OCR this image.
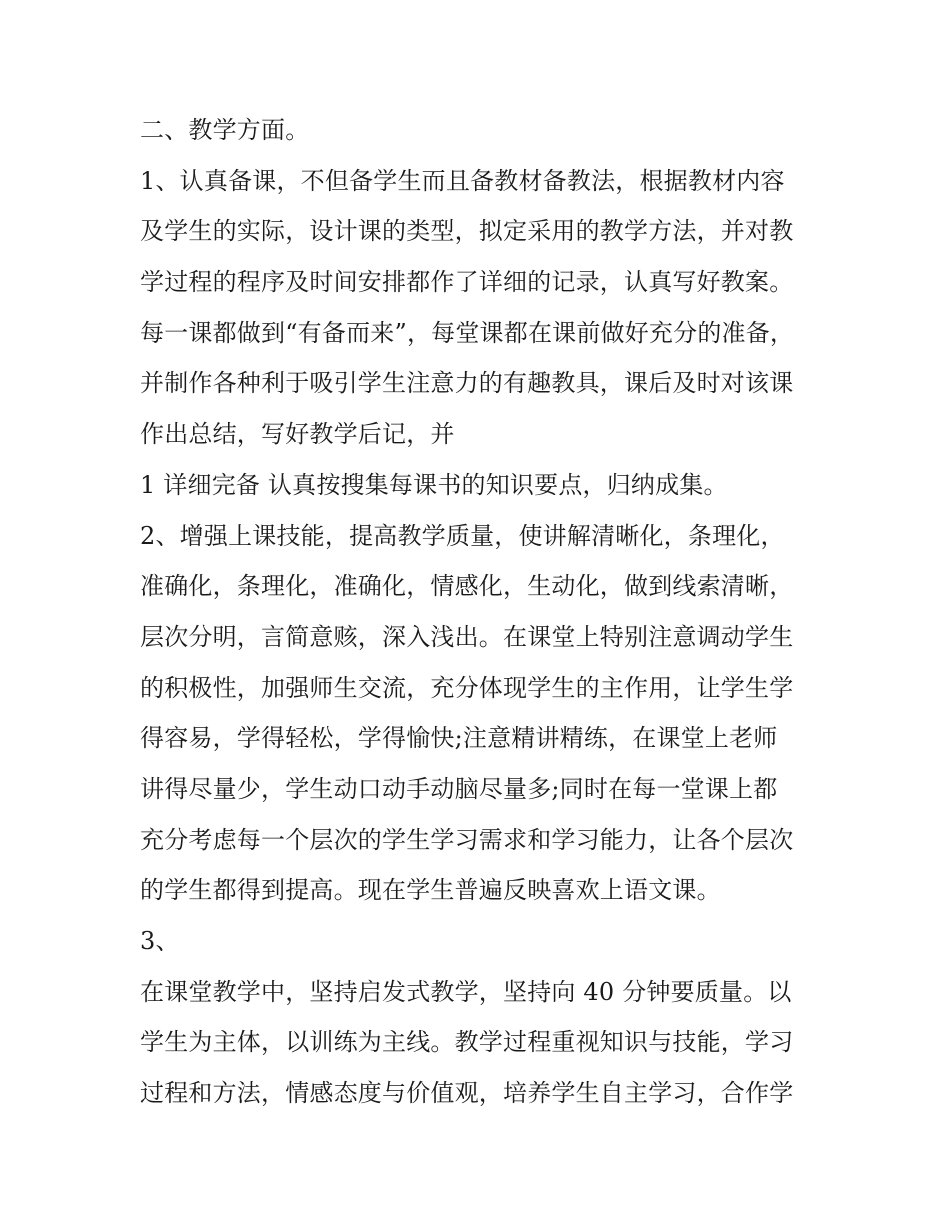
二、教学方面。
1、认真备课，不但备学生而且备教材备教法，根据教材内容
及学生的实际，设计课的类型，拟定采用的教学方法，并对教
学过程的程序及时间安排都作了详细的记录，认真写好教案。
每一课都做到“有备而来”，每堂课都在课前做好充分的准备，
并制作各种利于吸引学生注意力的有趣教具，课后及时对该课
作出总结，写好教学后记，并
1 详细完备 认真按搜集每课书的知识要点，归纳成集。
2、增强上课技能，提高教学质量，使讲解清晰化，条理化，
准确化，条理化，准确化，情感化，生动化，做到线索清晰，
层次分明，言简意赅，深入浅出。在课堂上特别注意调动学生
的积极性，加强师生交流，充分体现学生的主作用，让学生学
得容易，学得轻松，学得愉快;注意精讲精练，在课堂上老师
讲得尽量少，学生动口动手动脑尽量多;同时在每一堂课上都
充分考虑每一个层次的学生学习需求和学习能力，让各个层次
的学生都得到提高。现在学生普遍反映喜欢上语文课。
3、
在课堂教学中，坚持启发式教学，坚持向 40 分钟要质量。以
学生为主体，以训练为主线。教学过程重视知识与技能，学习
过程和方法，情感态度与价值观，培养学生自主学习，合作学
